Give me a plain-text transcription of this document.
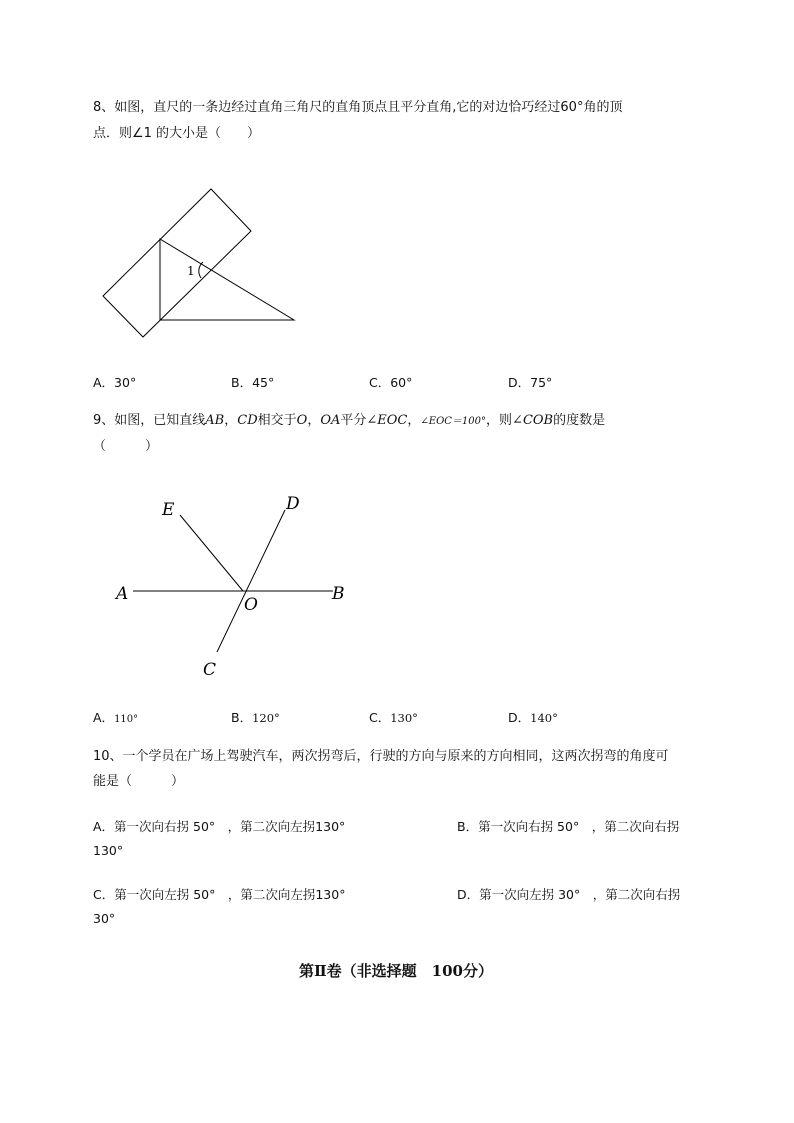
8、如图，直尺的一条边经过直角三角尺的直角顶点且平分直角,它的对边恰巧经过60°角的顶
点．则∠1 的大小是（　　）
1
A．30°	B．45°	C．60°	D．75°
9、如图，已知直线AB，CD相交于O，OA平分∠EOC，∠EOC＝100°，则∠COB的度数是
（　　　）
E	D
A
O
B
C
A．110°	B．120°	C．130°	D．140°
10、一个学员在广场上驾驶汽车，两次拐弯后，行驶的方向与原来的方向相同，这两次拐弯的角度可
能是（　　　）
A．第一次向右拐 50°　，第二次向左拐130°	B．第一次向右拐 50°　，第二次向右拐
130°
C．第一次向左拐 50°　，第二次向左拐130°	D．第一次向左拐 30°　，第二次向右拐
30°
第Ⅱ卷（非选择题　100分）
